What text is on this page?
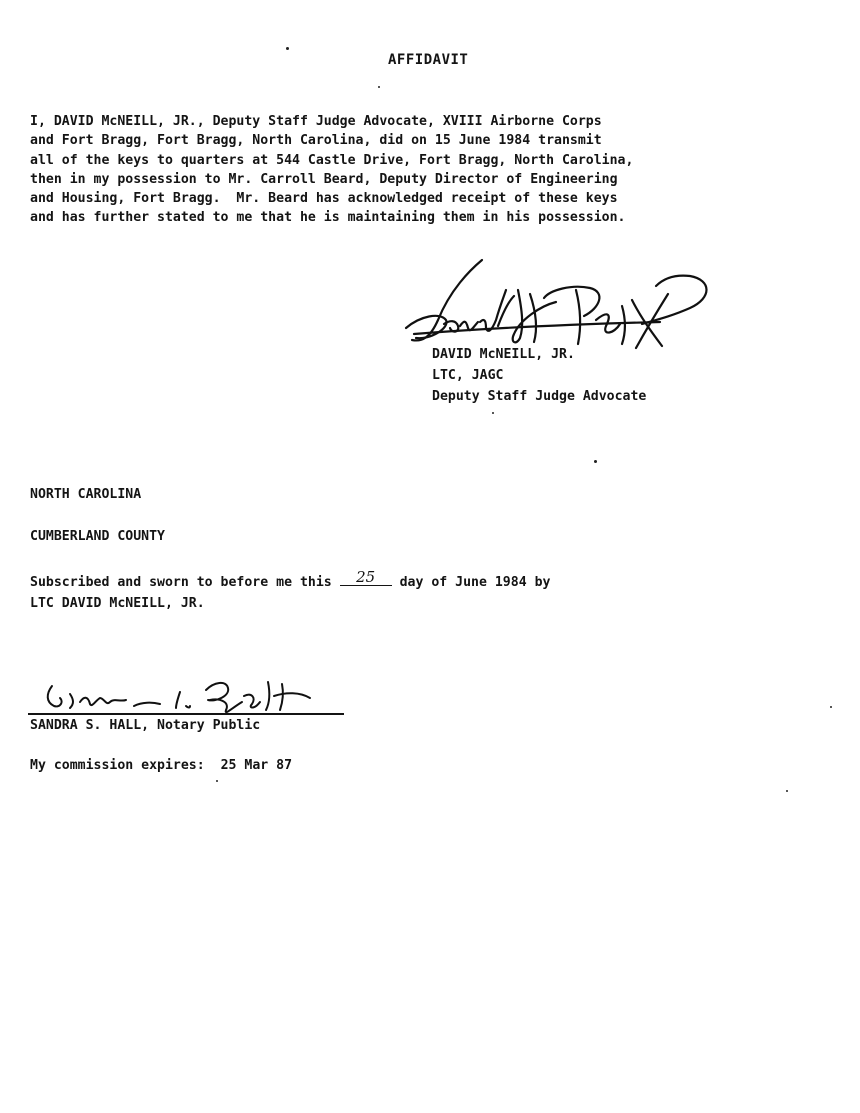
AFFIDAVIT
I, DAVID McNEILL, JR., Deputy Staff Judge Advocate, XVIII Airborne Corps
and Fort Bragg, Fort Bragg, North Carolina, did on 15 June 1984 transmit
all of the keys to quarters at 544 Castle Drive, Fort Bragg, North Carolina,
then in my possession to Mr. Carroll Beard, Deputy Director of Engineering
and Housing, Fort Bragg.  Mr. Beard has acknowledged receipt of these keys
and has further stated to me that he is maintaining them in his possession.
DAVID McNEILL, JR.
LTC, JAGC
Deputy Staff Judge Advocate
NORTH CAROLINA
CUMBERLAND COUNTY
Subscribed and sworn to before me this 25 day of June 1984 by
LTC DAVID McNEILL, JR.
SANDRA S. HALL, Notary Public
My commission expires: 25 Mar 87
